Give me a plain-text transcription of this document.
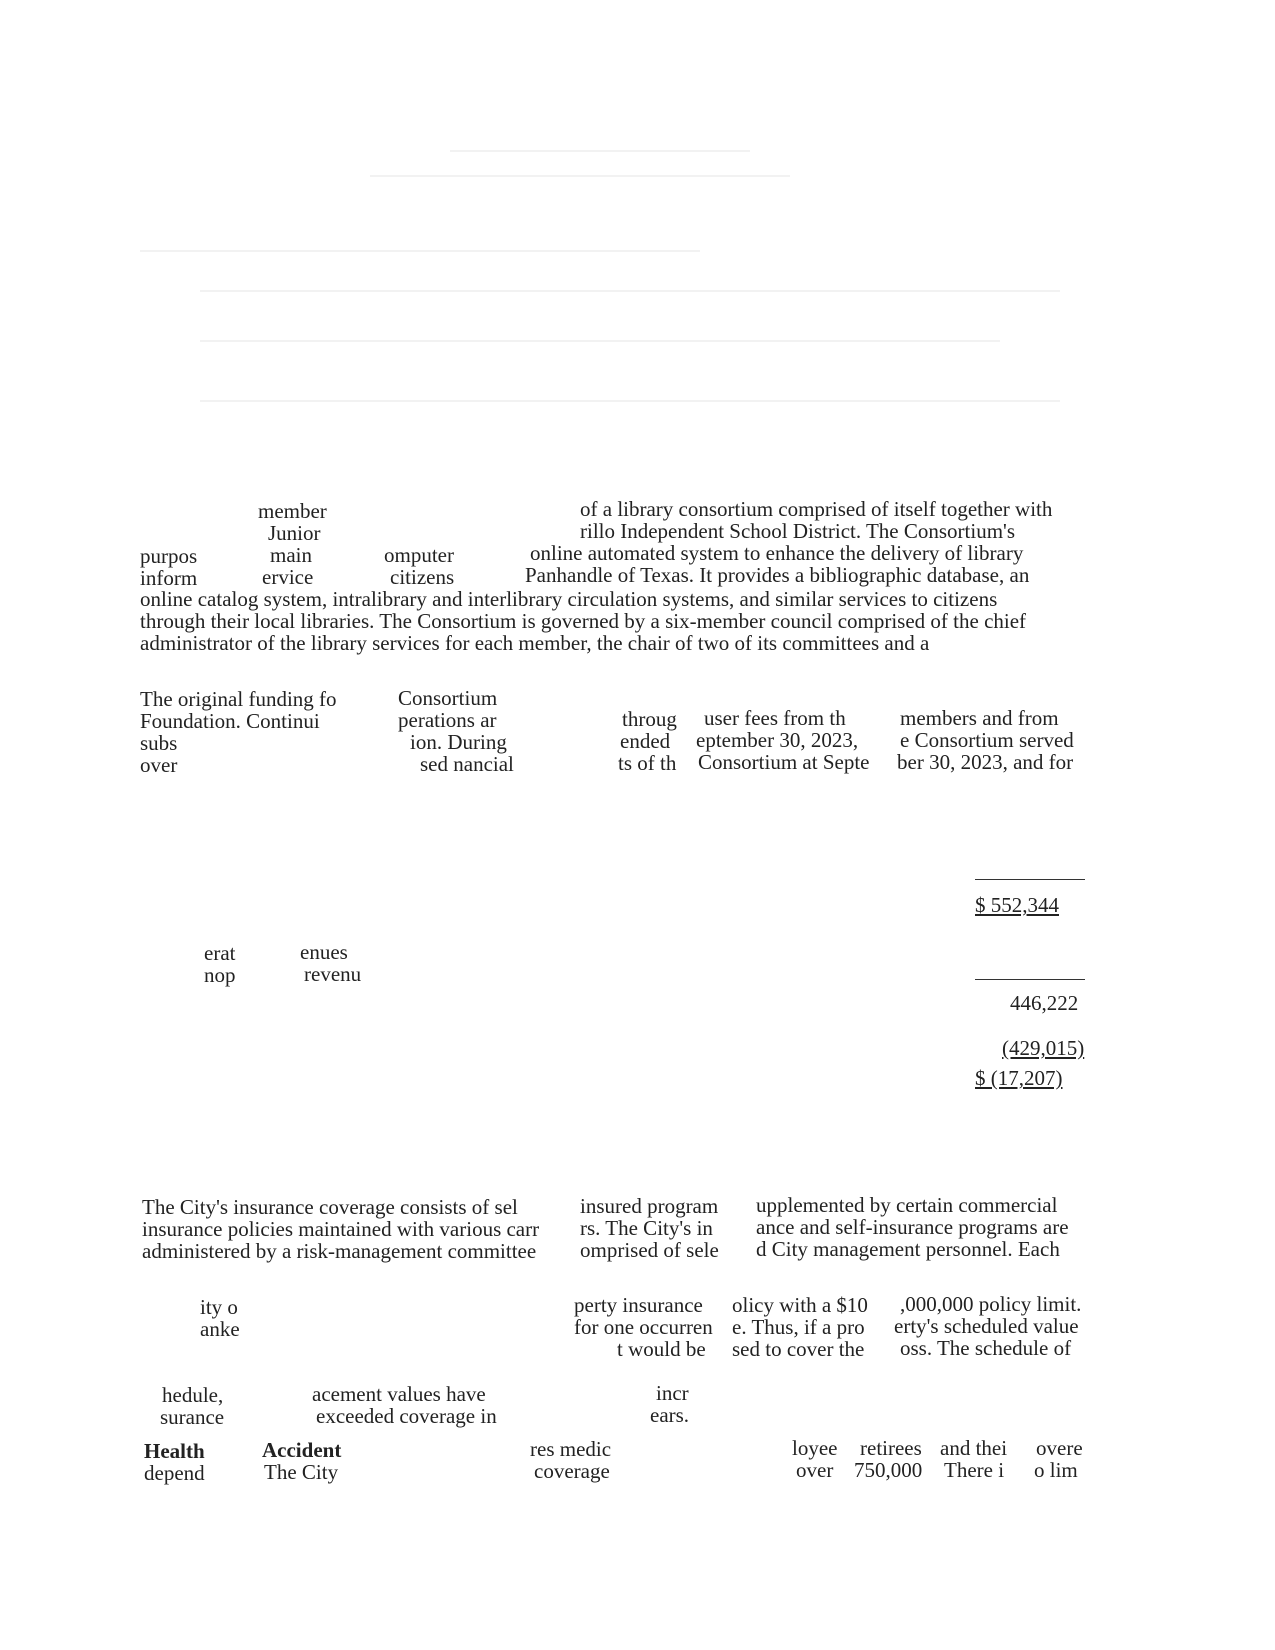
member	of a library consortium comprised of itself together with
Junior	rillo Independent School District. The Consortium's
purpos	main	omputer	online automated system to enhance the delivery of library
inform	ervice	citizens	Panhandle of Texas. It provides a bibliographic database, an
online catalog system, intralibrary and interlibrary circulation systems, and similar services to citizens
through their local libraries. The Consortium is governed by a six-member council comprised of the chief
administrator of the library services for each member, the chair of two of its committees and a
The original funding fo
Foundation. Continui
subs
over
Consortium
perations ar
ion. During
sed nancial
throug
ended
ts of th
user fees from th
eptember 30, 2023,
Consortium at Septe
members and from
e Consortium served
ber 30, 2023, and for
$ 552,344
erat	enues
nop	revenu
446,222
(429,015)
$ (17,207)
The City's insurance coverage consists of sel
insurance policies maintained with various carr
administered by a risk-management committee
insured program
rs. The City's in
omprised of sele
upplemented by certain commercial
ance and self-insurance programs are
d City management personnel. Each
ity o
anke
perty insurance
for one occurren
t would be
olicy with a $10
e. Thus, if a pro
sed to cover the
,000,000 policy limit.
erty's scheduled value
oss. The schedule of
hedule,
surance
acement values have
exceeded coverage in
incr
ears.
Health	Accident	res medic	loyee retirees and thei overe
depend	The City	coverage	over 750,000 There i o lim
